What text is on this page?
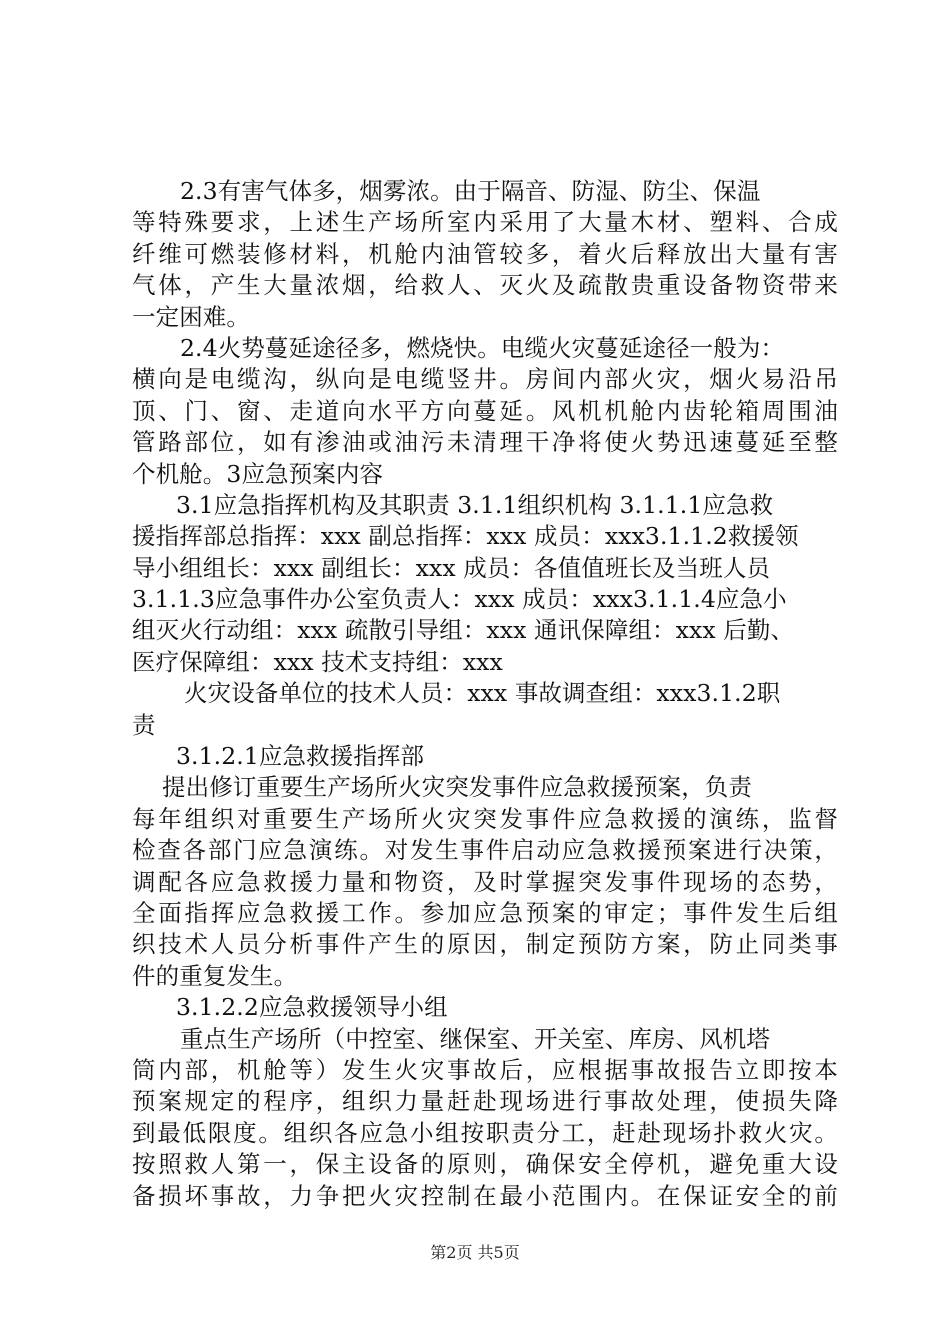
2.3有害气体多，烟雾浓。由于隔音、防湿、防尘、保温
等特殊要求，上述生产场所室内采用了大量木材、塑料、合成
纤维可燃装修材料，机舱内油管较多，着火后释放出大量有害
气体，产生大量浓烟，给救人、灭火及疏散贵重设备物资带来
一定困难。
2.4火势蔓延途径多，燃烧快。电缆火灾蔓延途径一般为：
横向是电缆沟，纵向是电缆竖井。房间内部火灾，烟火易沿吊
顶、门、窗、走道向水平方向蔓延。风机机舱内齿轮箱周围油
管路部位，如有渗油或油污未清理干净将使火势迅速蔓延至整
个机舱。3应急预案内容
3.1应急指挥机构及其职责 3.1.1组织机构 3.1.1.1应急救
援指挥部总指挥：xxx 副总指挥：xxx 成员：xxx3.1.1.2救援领
导小组组长：xxx 副组长：xxx 成员：各值值班长及当班人员
3.1.1.3应急事件办公室负责人：xxx 成员：xxx3.1.1.4应急小
组灭火行动组：xxx 疏散引导组：xxx 通讯保障组：xxx 后勤、
医疗保障组：xxx 技术支持组：xxx
火灾设备单位的技术人员：xxx 事故调查组：xxx3.1.2职
责
3.1.2.1应急救援指挥部
提出修订重要生产场所火灾突发事件应急救援预案，负责
每年组织对重要生产场所火灾突发事件应急救援的演练，监督
检查各部门应急演练。对发生事件启动应急救援预案进行决策，
调配各应急救援力量和物资，及时掌握突发事件现场的态势，
全面指挥应急救援工作。参加应急预案的审定；事件发生后组
织技术人员分析事件产生的原因，制定预防方案，防止同类事
件的重复发生。
3.1.2.2应急救援领导小组
重点生产场所（中控室、继保室、开关室、库房、风机塔
筒内部，机舱等）发生火灾事故后，应根据事故报告立即按本
预案规定的程序，组织力量赶赴现场进行事故处理，使损失降
到最低限度。组织各应急小组按职责分工，赶赴现场扑救火灾。
按照救人第一，保主设备的原则，确保安全停机，避免重大设
备损坏事故，力争把火灾控制在最小范围内。在保证安全的前
第2页 共5页
